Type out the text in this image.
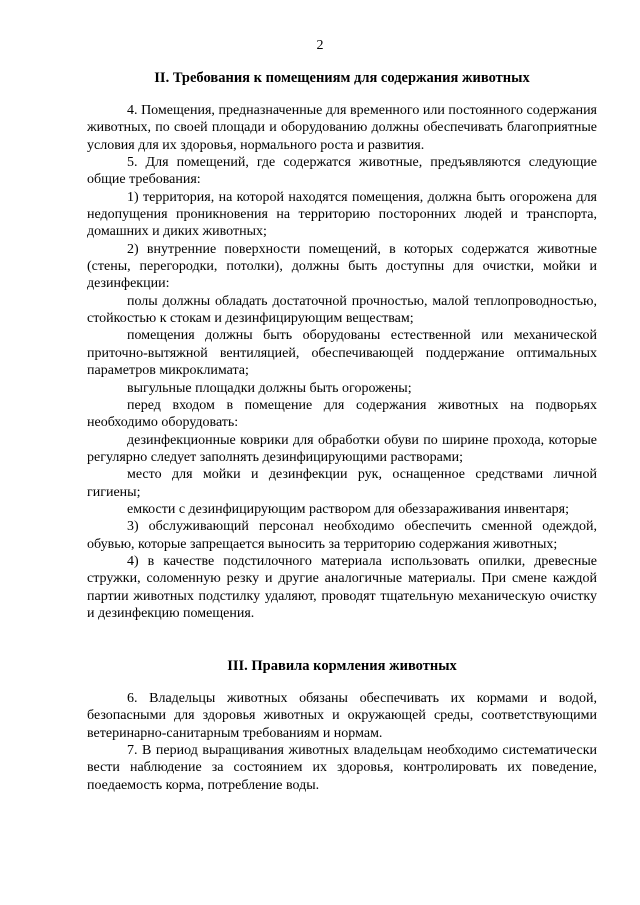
2

II. Требования к помещениям для содержания животных

4. Помещения, предназначенные для временного или постоянного содержания животных, по своей площади и оборудованию должны обеспечивать благоприятные условия для их здоровья, нормального роста и развития.

5. Для помещений, где содержатся животные, предъявляются следующие общие требования:

1) территория, на которой находятся помещения, должна быть огорожена для недопущения проникновения на территорию посторонних людей и транспорта, домашних и диких животных;

2) внутренние поверхности помещений, в которых содержатся животные (стены, перегородки, потолки), должны быть доступны для очистки, мойки и дезинфекции:

полы должны обладать достаточной прочностью, малой теплопроводностью, стойкостью к стокам и дезинфицирующим веществам;

помещения должны быть оборудованы естественной или механической приточно-вытяжной вентиляцией, обеспечивающей поддержание оптимальных параметров микроклимата;

выгульные площадки должны быть огорожены;

перед входом в помещение для содержания животных на подворьях необходимо оборудовать:

дезинфекционные коврики для обработки обуви по ширине прохода, которые регулярно следует заполнять дезинфицирующими растворами;

место для мойки и дезинфекции рук, оснащенное средствами личной гигиены;

емкости с дезинфицирующим раствором для обеззараживания инвентаря;

3) обслуживающий персонал необходимо обеспечить сменной одеждой, обувью, которые запрещается выносить за территорию содержания животных;

4) в качестве подстилочного материала использовать опилки, древесные стружки, соломенную резку и другие аналогичные материалы. При смене каждой партии животных подстилку удаляют, проводят тщательную механическую очистку и дезинфекцию помещения.

III. Правила кормления животных

6. Владельцы животных обязаны обеспечивать их кормами и водой, безопасными для здоровья животных и окружающей среды, соответствующими ветеринарно-санитарным требованиям и нормам.

7. В период выращивания животных владельцам необходимо систематически вести наблюдение за состоянием их здоровья, контролировать их поведение, поедаемость корма, потребление воды.
